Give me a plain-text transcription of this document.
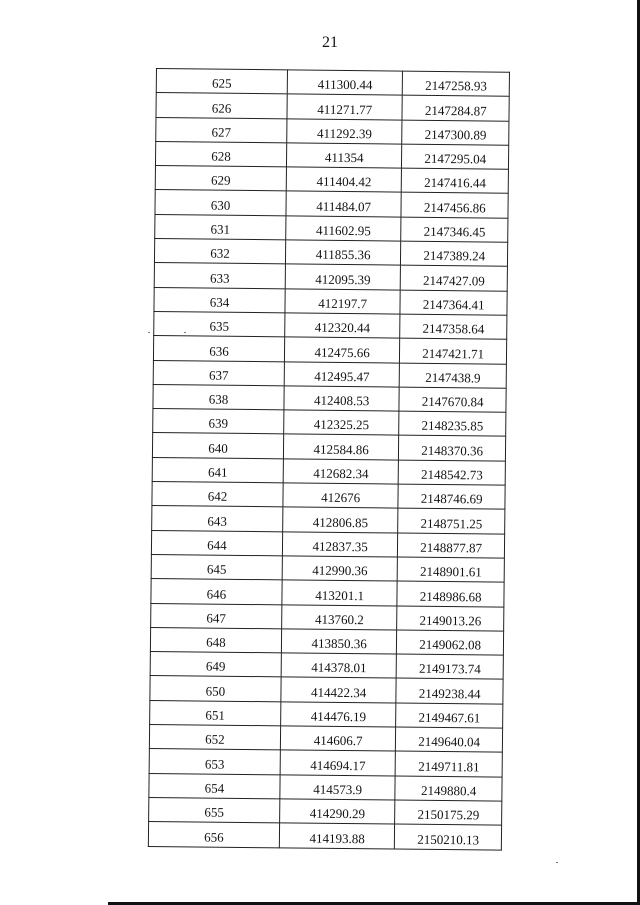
21
625	411300.44	2147258.93
626	411271.77	2147284.87
627	411292.39	2147300.89
628	411354	2147295.04
629	411404.42	2147416.44
630	411484.07	2147456.86
631	411602.95	2147346.45
632	411855.36	2147389.24
633	412095.39	2147427.09
634	412197.7	2147364.41
635	412320.44	2147358.64
636	412475.66	2147421.71
637	412495.47	2147438.9
638	412408.53	2147670.84
639	412325.25	2148235.85
640	412584.86	2148370.36
641	412682.34	2148542.73
642	412676	2148746.69
643	412806.85	2148751.25
644	412837.35	2148877.87
645	412990.36	2148901.61
646	413201.1	2148986.68
647	413760.2	2149013.26
648	413850.36	2149062.08
649	414378.01	2149173.74
650	414422.34	2149238.44
651	414476.19	2149467.61
652	414606.7	2149640.04
653	414694.17	2149711.81
654	414573.9	2149880.4
655	414290.29	2150175.29
656	414193.88	2150210.13
